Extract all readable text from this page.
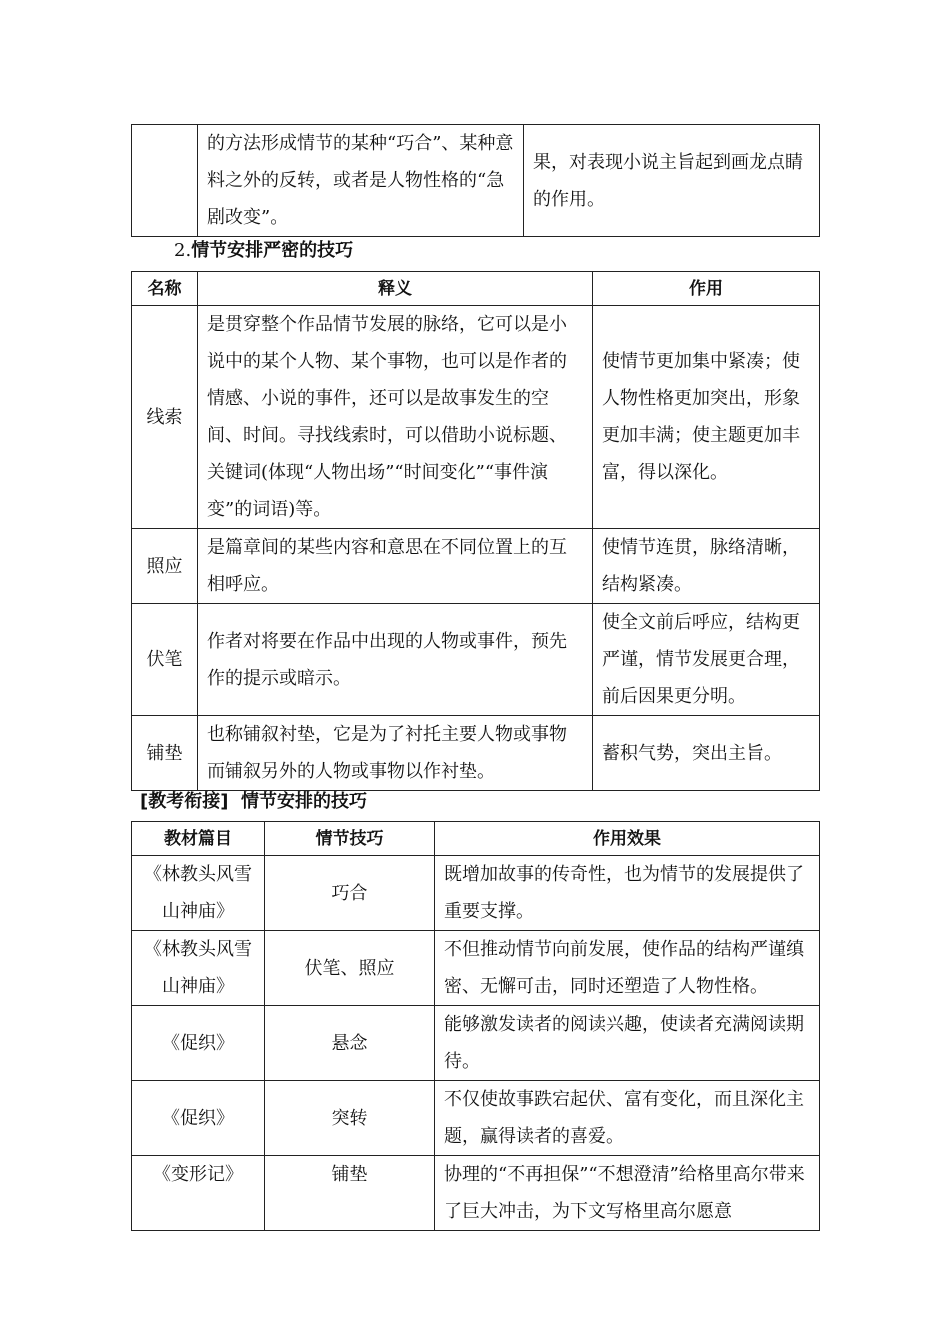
	的方法形成情节的某种“巧合”、某种意料之外的反转，或者是人物性格的“急剧改变”。	果，对表现小说主旨起到画龙点睛的作用。
2.情节安排严密的技巧
名称	释义	作用
线索	是贯穿整个作品情节发展的脉络，它可以是小说中的某个人物、某个事物，也可以是作者的情感、小说的事件，还可以是故事发生的空间、时间。寻找线索时，可以借助小说标题、关键词(体现“人物出场”“时间变化”“事件演变”的词语)等。	使情节更加集中紧凑；使人物性格更加突出，形象更加丰满；使主题更加丰富，得以深化。
照应	是篇章间的某些内容和意思在不同位置上的互相呼应。	使情节连贯，脉络清晰，结构紧凑。
伏笔	作者对将要在作品中出现的人物或事件，预先作的提示或暗示。	使全文前后呼应，结构更严谨，情节发展更合理，前后因果更分明。
铺垫	也称铺叙衬垫，它是为了衬托主要人物或事物而铺叙另外的人物或事物以作衬垫。	蓄积气势，突出主旨。
[教考衔接] 情节安排的技巧
教材篇目	情节技巧	作用效果
《林教头风雪山神庙》	巧合	既增加故事的传奇性，也为情节的发展提供了重要支撑。
《林教头风雪山神庙》	伏笔、照应	不但推动情节向前发展，使作品的结构严谨缜密、无懈可击，同时还塑造了人物性格。
《促织》	悬念	能够激发读者的阅读兴趣，使读者充满阅读期待。
《促织》	突转	不仅使故事跌宕起伏、富有变化，而且深化主题，赢得读者的喜爱。
《变形记》	铺垫	协理的“不再担保”“不想澄清”给格里高尔带来了巨大冲击，为下文写格里高尔愿意
